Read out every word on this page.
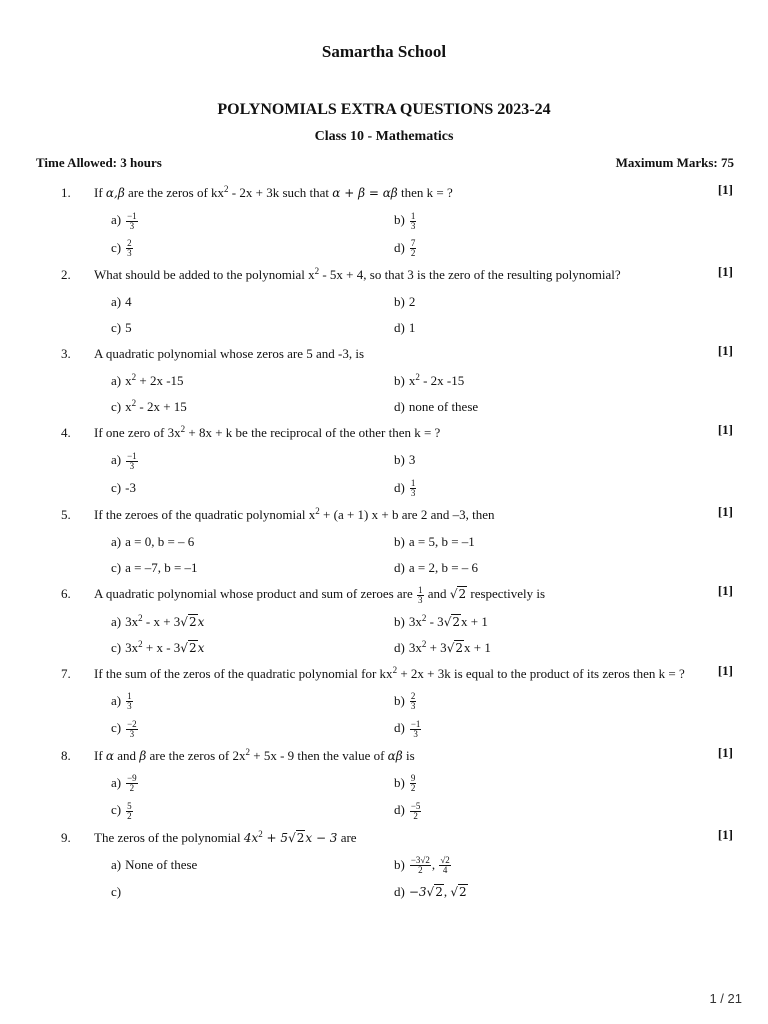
Samartha School
POLYNOMIALS EXTRA QUESTIONS 2023-24
Class 10 - Mathematics
Time Allowed: 3 hours	Maximum Marks: 75
1. If α,β are the zeros of $kx^2 - 2x + 3k$ such that α + β = αβ then k = ?	[1]
$a) \frac{-1}{3}$	$b) \frac{1}{3}$
$c) \frac{2}{3}$	$d) \frac{7}{2}$
2. What should be added to the polynomial $x^2 - 5x + 4$, so that 3 is the zero of the resulting polynomial?	[1]
a) 4	b) 2
c) 5	d) 1
3. A quadratic polynomial whose zeros are 5 and -3, is	[1]
a) $x^2 + 2x$ -15	b) $x^2 - 2x$ -15
c) $x^2 - 2x + 15$	d) none of these
4. If one zero of $3x^2 + 8x + k$ be the reciprocal of the other then k = ?	[1]
$a) \frac{-1}{3}$	b) 3
c) -3	$d) \frac{1}{3}$
5. If the zeroes of the quadratic polynomial $x^2 + (a + 1) x + b$ are 2 and –3, then	[1]
a) a = 0, b = – 6	b) a = 5, b = –1
c) a = –7, b = –1	d) a = 2, b = – 6
6. A quadratic polynomial whose product and sum of zeroes are $\frac{1}{3}$ and √2 respectively is	[1]
a) $3x^2 - x + 3√2x$	b) $3x^2 - 3√2x + 1$
c) $3x^2 + x - 3√2x$	d) $3x^2 + 3√2x + 1$
7. If the sum of the zeros of the quadratic polynomial for $kx^2 + 2x + 3k$ is equal to the product of its zeros then k = ?	[1]
$a) \frac{1}{3}$	$b) \frac{2}{3}$
$c) \frac{-2}{3}$	$d) \frac{-1}{3}$
8. If α and β are the zeros of $2x^2 + 5x - 9$ then the value of αβ is	[1]
$a) \frac{-9}{2}$	$b) \frac{9}{2}$
$c) \frac{5}{2}$	$d) \frac{-5}{2}$
9. The zeros of the polynomial $4x^2 + 5√2x - 3$ are	[1]
a) None of these	$b) \frac{-3√2}{2}$ , $\frac{√2}{4}$
c)	d) −3√2, √2
1 / 21
